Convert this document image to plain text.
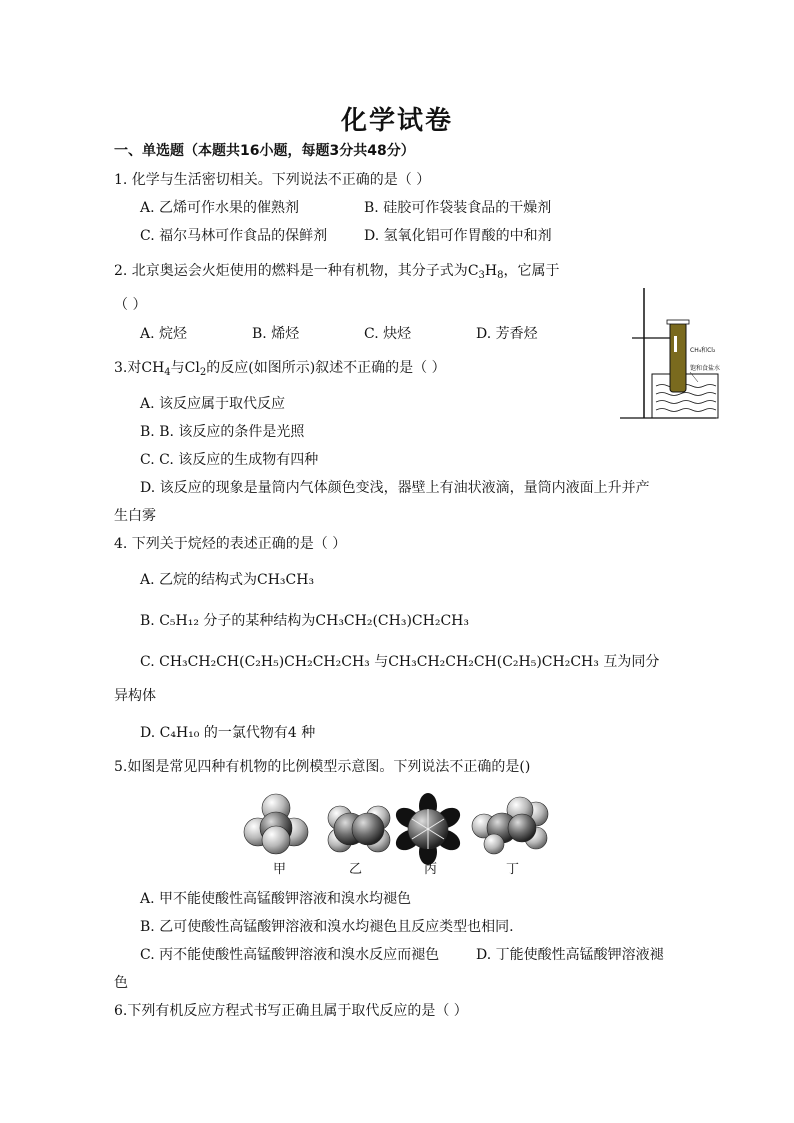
化学试卷
一、单选题（本题共16小题，每题3分共48分）
1. 化学与生活密切相关。下列说法不正确的是（ ）
A. 乙烯可作水果的催熟剂	B. 硅胶可作袋装食品的干燥剂
C. 福尔马林可作食品的保鲜剂	D. 氢氧化铝可作胃酸的中和剂
2. 北京奥运会火炬使用的燃料是一种有机物，其分子式为$C_3H_8$，它属于
（ ）
A. 烷烃	B. 烯烃	C. 炔烃	D. 芳香烃
CH₄和Cl₂
饱和食盐水
3.对$CH_4$与$Cl_2$的反应(如图所示)叙述不正确的是（ ）
A. 该反应属于取代反应
B. B. 该反应的条件是光照
C. C. 该反应的生成物有四种
D. 该反应的现象是量筒内气体颜色变浅，器壁上有油状液滴，量筒内液面上升并产
生白雾
4. 下列关于烷烃的表述正确的是（ ）
A. 乙烷的结构式为CH₃CH₃
B. C₅H₁₂ 分子的某种结构为CH₃CH₂(CH₃)CH₂CH₃
C. CH₃CH₂CH(C₂H₅)CH₂CH₂CH₃ 与CH₃CH₂CH₂CH(C₂H₅)CH₂CH₃ 互为同分
异构体
D. C₄H₁₀ 的一氯代物有4 种
5.如图是常见四种有机物的比例模型示意图。下列说法不正确的是()
甲	乙	丙	丁
A. 甲不能使酸性高锰酸钾溶液和溴水均褪色
B. 乙可使酸性高锰酸钾溶液和溴水均褪色且反应类型也相同.
C. 丙不能使酸性高锰酸钾溶液和溴水反应而褪色	D. 丁能使酸性高锰酸钾溶液褪
色
6.下列有机反应方程式书写正确且属于取代反应的是（ ）
